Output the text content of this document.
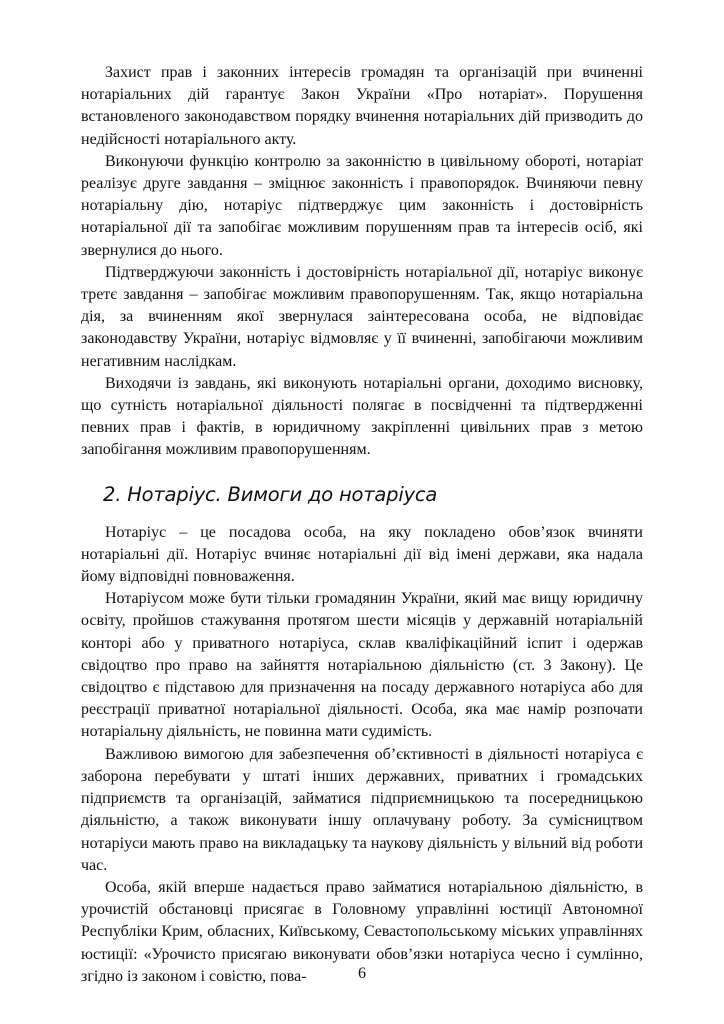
Захист прав і законних інтересів громадян та організацій при вчиненні нотаріальних дій гарантує Закон України «Про нотаріат». Порушення встановленого законодавством порядку вчинення нотаріальних дій призводить до недійсності нотаріального акту.

Виконуючи функцію контролю за законністю в цивільному обороті, нотаріат реалізує друге завдання – зміцнює законність і правопорядок. Вчиняючи певну нотаріальну дію, нотаріус підтверджує цим законність і достовірність нотаріальної дії та запобігає можливим порушенням прав та інтересів осіб, які звернулися до нього.

Підтверджуючи законність і достовірність нотаріальної дії, нотаріус виконує третє завдання – запобігає можливим правопорушенням. Так, якщо нотаріальна дія, за вчиненням якої звернулася заінтересована особа, не відповідає законодавству України, нотаріус відмовляє у її вчиненні, запобігаючи можливим негативним наслідкам.

Виходячи із завдань, які виконують нотаріальні органи, доходимо висновку, що сутність нотаріальної діяльності полягає в посвідченні та підтвердженні певних прав і фактів, в юридичному закріпленні цивільних прав з метою запобігання можливим правопорушенням.

2. Нотаріус. Вимоги до нотаріуса

Нотаріус – це посадова особа, на яку покладено обов’язок вчиняти нотаріальні дії. Нотаріус вчиняє нотаріальні дії від імені держави, яка надала йому відповідні повноваження.

Нотаріусом може бути тільки громадянин України, який має вищу юридичну освіту, пройшов стажування протягом шести місяців у державній нотаріальній конторі або у приватного нотаріуса, склав кваліфікаційний іспит і одержав свідоцтво про право на зайняття нотаріальною діяльністю (ст. 3 Закону). Це свідоцтво є підставою для призначення на посаду державного нотаріуса або для реєстрації приватної нотаріальної діяльності. Особа, яка має намір розпочати нотаріальну діяльність, не повинна мати судимість.

Важливою вимогою для забезпечення об’єктивності в діяльності нотаріуса є заборона перебувати у штаті інших державних, приватних і громадських підприємств та організацій, займатися підприємницькою та посередницькою діяльністю, а також виконувати іншу оплачувану роботу. За сумісництвом нотаріуси мають право на викладацьку та наукову діяльність у вільний від роботи час.

Особа, якій вперше надається право займатися нотаріальною діяльністю, в урочистій обстановці присягає в Головному управлінні юстиції Автономної Республіки Крим, обласних, Київському, Севастопольському міських управліннях юстиції: «Урочисто присягаю виконувати обов’язки нотаріуса чесно і сумлінно, згідно із законом і совістю, пова-	6
